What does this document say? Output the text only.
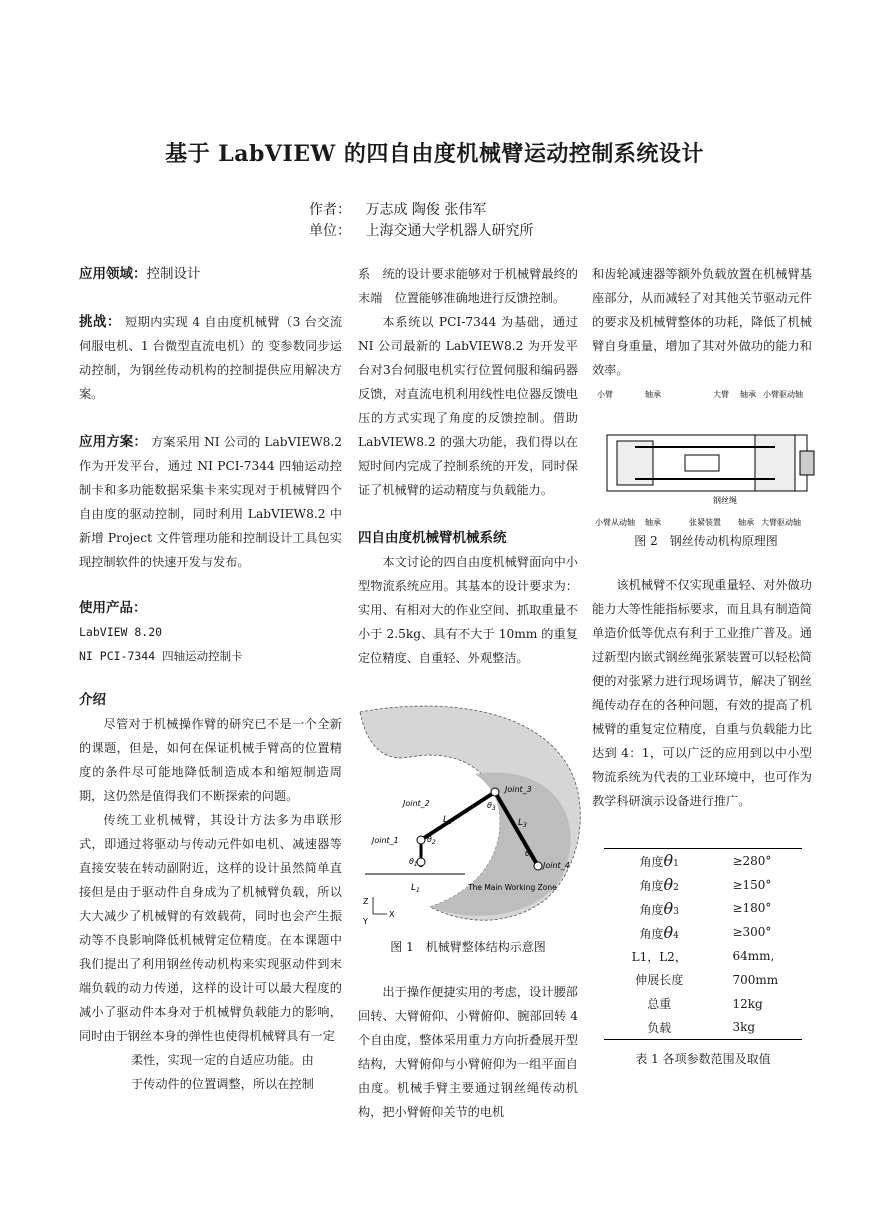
基于 LabVIEW 的四自由度机械臂运动控制系统设计
作者： 万志成 陶俊 张伟军
单位： 上海交通大学机器人研究所

应用领域：控制设计

挑战： 短期内实现 4 自由度机械臂（3 台交流伺服电机、1 台微型直流电机）的 变参数同步运动控制，为钢丝传动机构的控制提供应用解决方案。

应用方案： 方案采用 NI 公司的 LabVIEW8.2 作为开发平台，通过 NI PCI-7344 四轴运动控制卡和多功能数据采集卡来实现对于机械臂四个自由度的驱动控制，同时利用 LabVIEW8.2 中新增 Project 文件管理功能和控制设计工具包实现控制软件的快速开发与发布。

使用产品：

LabVIEW 8.20

NI PCI-7344 四轴运动控制卡

介绍

尽管对于机械操作臂的研究已不是一个全新的课题，但是，如何在保证机械手臂高的位置精度的条件尽可能地降低制造成本和缩短制造周期，这仍然是值得我们不断探索的问题。

传统工业机械臂，其设计方法多为串联形式，即通过将驱动与传动元件如电机、减速器等直接安装在转动副附近，这样的设计虽然简单直接但是由于驱动件自身成为了机械臂负载，所以大大减少了机械臂的有效载荷，同时也会产生振动等不良影响降低机械臂定位精度。在本课题中我们提出了利用钢丝传动机构来实现驱动件到末端负载的动力传递，这样的设计可以最大程度的减小了驱动件本身对于机械臂负载能力的影响，同时由于钢丝本身的弹性也使得机械臂具有一定

柔性，实现一定的自适应功能。由

于传动件的位置调整，所以在控制

系　统的设计要求能够对于机械臂最终的末端　位置能够准确地进行反馈控制。

本系统以 PCI-7344 为基础，通过 NI 公司最新的 LabVIEW8.2 为开发平台对3台伺服电机实行位置伺服和编码器反馈，对直流电机利用线性电位器反馈电压的方式实现了角度的反馈控制。借助 LabVIEW8.2 的强大功能，我们得以在短时间内完成了控制系统的开发，同时保证了机械臂的运动精度与负载能力。

四自由度机械臂机械系统

本文讨论的四自由度机械臂面向中小型物流系统应用。其基本的设计要求为：实用、有相对大的作业空间、抓取重量不小于 2.5kg、具有不大于 10mm 的重复定位精度、自重轻、外观整洁。

Joint_2
Joint_3
Joint_1
Joint_4
$L_2$	$L_3$
$L_1$
$\theta_2$
$\theta_1$
$\theta_3$
$\theta_4$
The Main Working Zone
Z
Y
X
图 1　机械臂整体结构示意图

出于操作便捷实用的考虑，设计腰部回转、大臂俯仰、小臂俯仰、腕部回转 4 个自由度，整体采用重力方向折叠展开型结构，大臂俯仰与小臂俯仰为一组平面自由度。机械手臂主要通过钢丝绳传动机构，把小臂俯仰关节的电机

和齿轮减速器等额外负载放置在机械臂基座部分，从而减轻了对其他关节驱动元件的要求及机械臂整体的功耗，降低了机械臂自身重量，增加了其对外做功的能力和效率。

小臂	轴承	大臂 轴承 小臂驱动轴
钢丝绳
小臂从动轴 轴承	张紧装置 轴承 大臂驱动轴
图 2　钢丝传动机构原理图

该机械臂不仅实现重量轻、对外做功能力大等性能指标要求，而且具有制造简单造价低等优点有利于工业推广普及。通过新型内嵌式钢丝绳张紧装置可以轻松简便的对张紧力进行现场调节，解决了钢丝绳传动存在的各种问题，有效的提高了机械臂的重复定位精度，自重与负载能力比达到 4：1，可以广泛的应用到以中小型物流系统为代表的工业环境中，也可作为教学科研演示设备进行推广。

角度θ1	≥280°
角度θ2	≥150°
角度θ3	≥180°
角度θ4	≥300°
L1，L2，	64mm,
伸展长度	700mm
总重	12kg
负载	3kg
表 1 各项参数范围及取值
